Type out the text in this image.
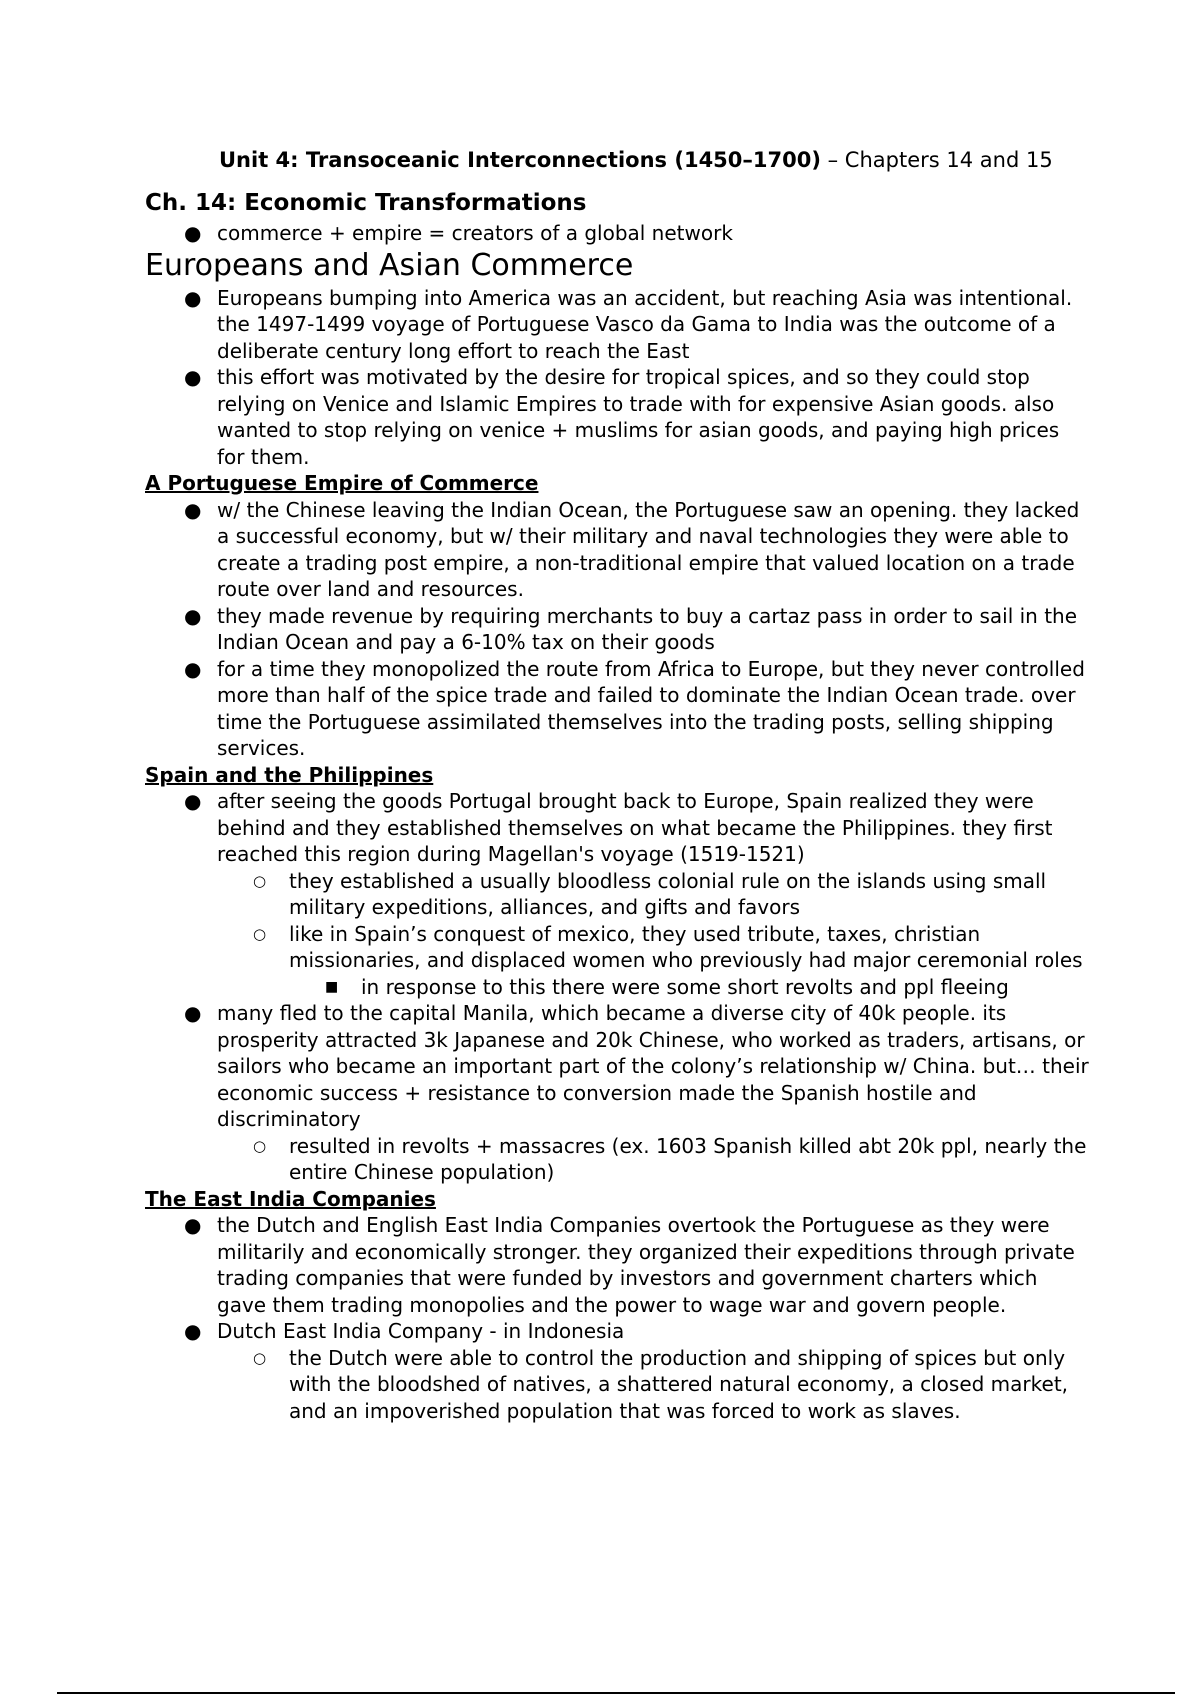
Unit 4: Transoceanic Interconnections (1450–1700) – Chapters 14 and 15

Ch. 14: Economic Transformations
● commerce + empire = creators of a global network
Europeans and Asian Commerce
● Europeans bumping into America was an accident, but reaching Asia was intentional. the 1497-1499 voyage of Portuguese Vasco da Gama to India was the outcome of a deliberate century long effort to reach the East
● this effort was motivated by the desire for tropical spices, and so they could stop relying on Venice and Islamic Empires to trade with for expensive Asian goods. also wanted to stop relying on venice + muslims for asian goods, and paying high prices for them.
A Portuguese Empire of Commerce
● w/ the Chinese leaving the Indian Ocean, the Portuguese saw an opening. they lacked a successful economy, but w/ their military and naval technologies they were able to create a trading post empire, a non-traditional empire that valued location on a trade route over land and resources.
● they made revenue by requiring merchants to buy a cartaz pass in order to sail in the Indian Ocean and pay a 6-10% tax on their goods
● for a time they monopolized the route from Africa to Europe, but they never controlled more than half of the spice trade and failed to dominate the Indian Ocean trade. over time the Portuguese assimilated themselves into the trading posts, selling shipping services.
Spain and the Philippines
● after seeing the goods Portugal brought back to Europe, Spain realized they were behind and they established themselves on what became the Philippines. they first reached this region during Magellan's voyage (1519-1521)
○ they established a usually bloodless colonial rule on the islands using small military expeditions, alliances, and gifts and favors
○ like in Spain’s conquest of mexico, they used tribute, taxes, christian missionaries, and displaced women who previously had major ceremonial roles
■ in response to this there were some short revolts and ppl fleeing
● many fled to the capital Manila, which became a diverse city of 40k people. its prosperity attracted 3k Japanese and 20k Chinese, who worked as traders, artisans, or sailors who became an important part of the colony’s relationship w/ China. but… their economic success + resistance to conversion made the Spanish hostile and discriminatory
○ resulted in revolts + massacres (ex. 1603 Spanish killed abt 20k ppl, nearly the entire Chinese population)
The East India Companies
● the Dutch and English East India Companies overtook the Portuguese as they were militarily and economically stronger. they organized their expeditions through private trading companies that were funded by investors and government charters which gave them trading monopolies and the power to wage war and govern people.
● Dutch East India Company - in Indonesia
○ the Dutch were able to control the production and shipping of spices but only with the bloodshed of natives, a shattered natural economy, a closed market, and an impoverished population that was forced to work as slaves.
